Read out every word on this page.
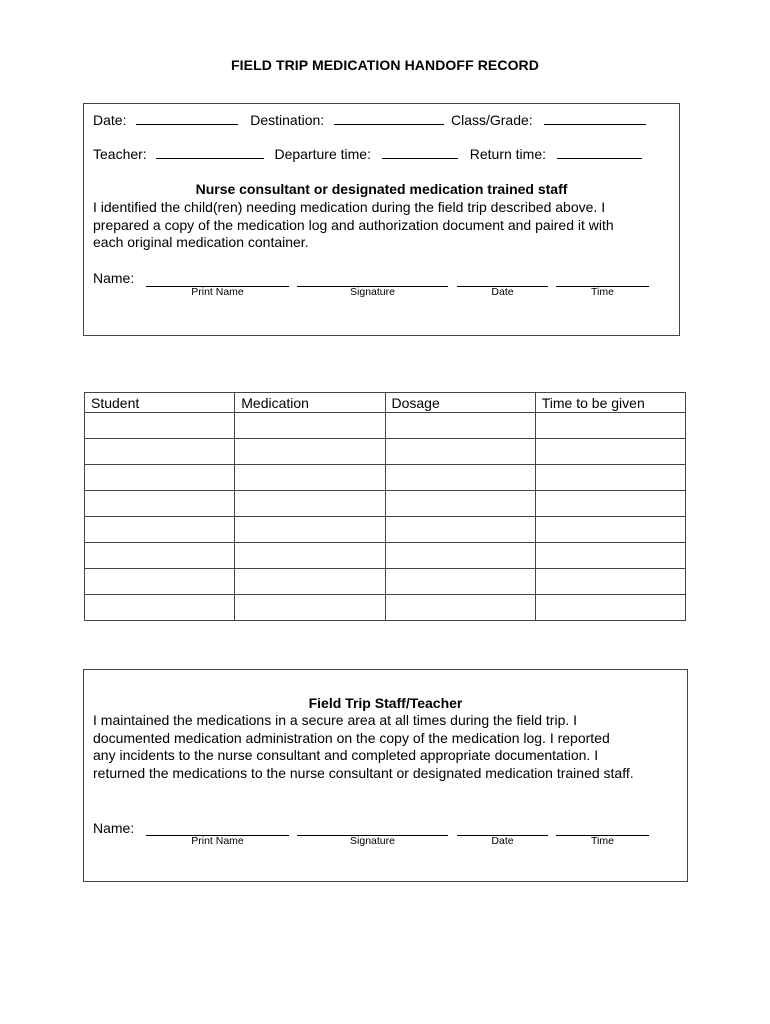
FIELD TRIP MEDICATION HANDOFF RECORD
Date:	Destination:	Class/Grade:
Teacher:	Departure time:	Return time:
Nurse consultant or designated medication trained staff
I identified the child(ren) needing medication during the field trip described above. I
prepared a copy of the medication log and authorization document and paired it with
each original medication container.
Name:
Print Name	Signature	Date	Time
Student	Medication	Dosage	Time to be given

Field Trip Staff/Teacher
I maintained the medications in a secure area at all times during the field trip. I
documented medication administration on the copy of the medication log. I reported
any incidents to the nurse consultant and completed appropriate documentation. I
returned the medications to the nurse consultant or designated medication trained staff.
Name:
Print Name	Signature	Date	Time
